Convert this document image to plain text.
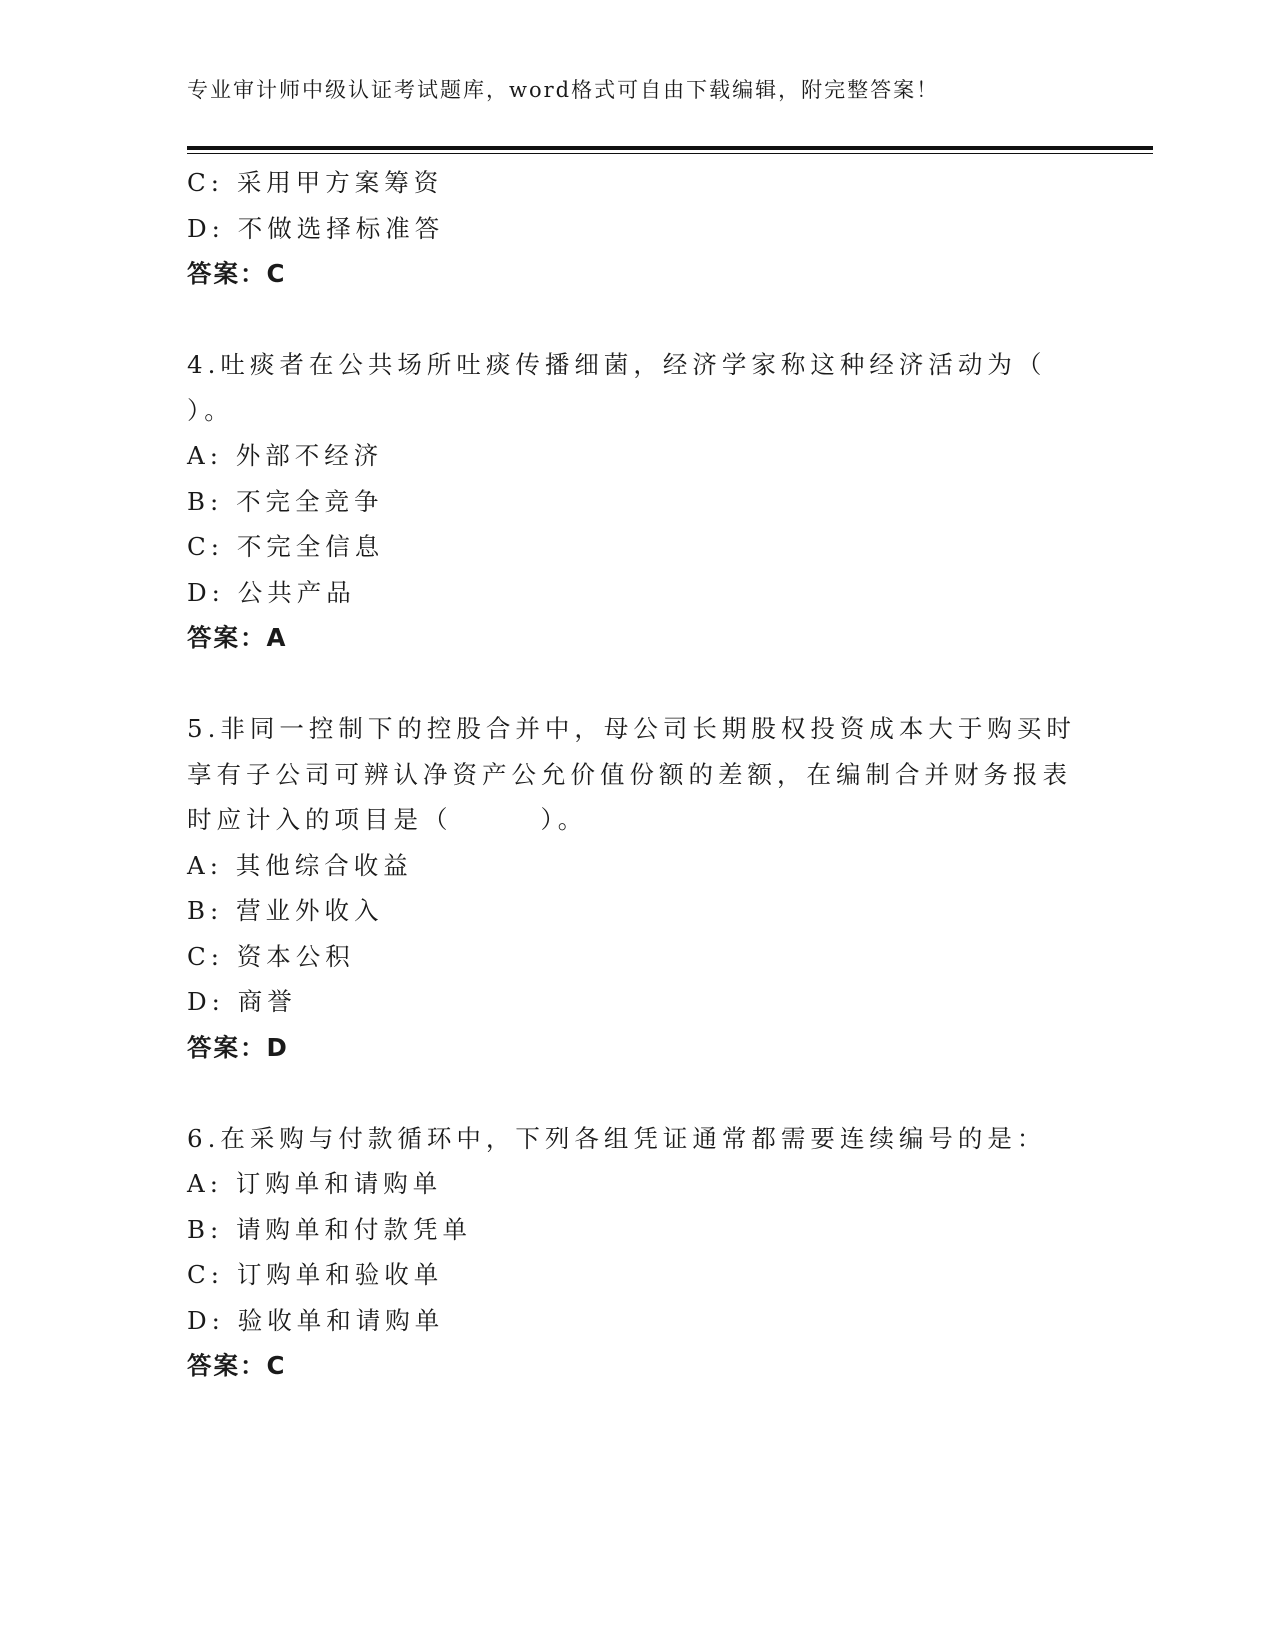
专业审计师中级认证考试题库，word格式可自由下载编辑，附完整答案！
C: 采用甲方案筹资
D: 不做选择标准答
答案：C
4.吐痰者在公共场所吐痰传播细菌，经济学家称这种经济活动为（
）。
A: 外部不经济
B: 不完全竞争
C: 不完全信息
D: 公共产品
答案：A
5.非同一控制下的控股合并中，母公司长期股权投资成本大于购买时
享有子公司可辨认净资产公允价值份额的差额，在编制合并财务报表
时应计入的项目是（	）。
A: 其他综合收益
B: 营业外收入
C: 资本公积
D: 商誉
答案：D
6.在采购与付款循环中，下列各组凭证通常都需要连续编号的是：
A: 订购单和请购单
B: 请购单和付款凭单
C: 订购单和验收单
D: 验收单和请购单
答案：C
